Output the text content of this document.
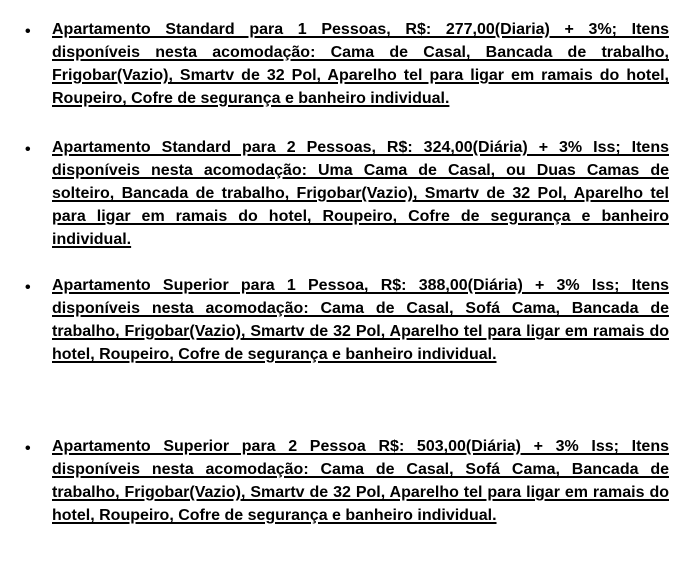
• Apartamento Standard para 1 Pessoas, R$: 277,00(Diaria) + 3%; Itens disponíveis nesta acomodação: Cama de Casal, Bancada de trabalho, Frigobar(Vazio), Smartv de 32 Pol, Aparelho tel para ligar em ramais do hotel, Roupeiro, Cofre de segurança e banheiro individual.
• Apartamento Standard para 2 Pessoas, R$: 324,00(Diária) + 3% Iss; Itens disponíveis nesta acomodação: Uma Cama de Casal, ou Duas Camas de solteiro, Bancada de trabalho, Frigobar(Vazio), Smartv de 32 Pol, Aparelho tel para ligar em ramais do hotel, Roupeiro, Cofre de segurança e banheiro individual.
• Apartamento Superior para 1 Pessoa, R$: 388,00(Diária) + 3% Iss; Itens disponíveis nesta acomodação: Cama de Casal, Sofá Cama, Bancada de trabalho, Frigobar(Vazio), Smartv de 32 Pol, Aparelho tel para ligar em ramais do hotel, Roupeiro, Cofre de segurança e banheiro individual.
• Apartamento Superior para 2 Pessoa R$: 503,00(Diária) + 3% Iss; Itens disponíveis nesta acomodação: Cama de Casal, Sofá Cama, Bancada de trabalho, Frigobar(Vazio), Smartv de 32 Pol, Aparelho tel para ligar em ramais do hotel, Roupeiro, Cofre de segurança e banheiro individual.
